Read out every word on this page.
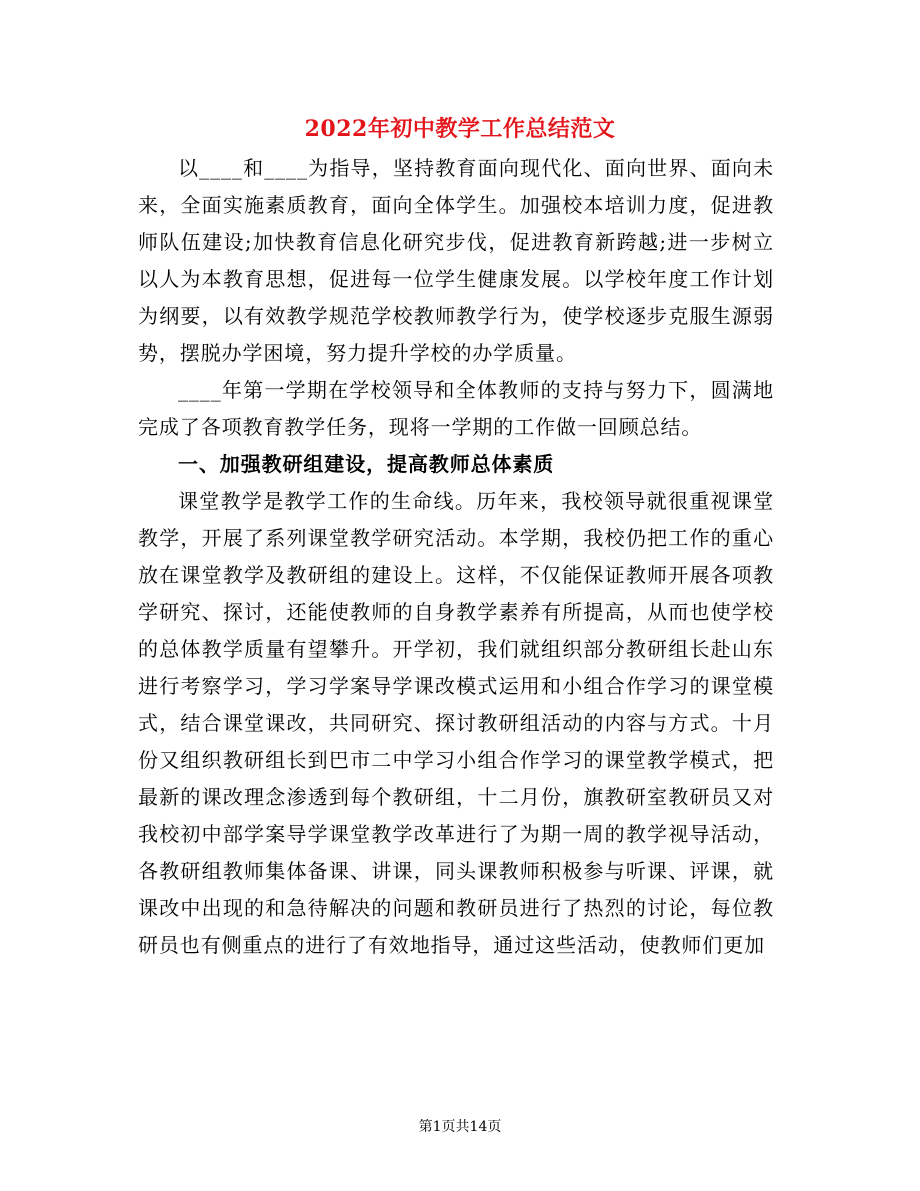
2022年初中教学工作总结范文

以____和____为指导，坚持教育面向现代化、面向世界、面向未来，全面实施素质教育，面向全体学生。加强校本培训力度，促进教师队伍建设;加快教育信息化研究步伐，促进教育新跨越;进一步树立以人为本教育思想，促进每一位学生健康发展。以学校年度工作计划为纲要，以有效教学规范学校教师教学行为，使学校逐步克服生源弱势，摆脱办学困境，努力提升学校的办学质量。

____年第一学期在学校领导和全体教师的支持与努力下，圆满地完成了各项教育教学任务，现将一学期的工作做一回顾总结。

一、加强教研组建设，提高教师总体素质

课堂教学是教学工作的生命线。历年来，我校领导就很重视课堂教学，开展了系列课堂教学研究活动。本学期，我校仍把工作的重心放在课堂教学及教研组的建设上。这样，不仅能保证教师开展各项教学研究、探讨，还能使教师的自身教学素养有所提高，从而也使学校的总体教学质量有望攀升。开学初，我们就组织部分教研组长赴山东进行考察学习，学习学案导学课改模式运用和小组合作学习的课堂模式，结合课堂课改，共同研究、探讨教研组活动的内容与方式。十月份又组织教研组长到巴市二中学习小组合作学习的课堂教学模式，把最新的课改理念渗透到每个教研组，十二月份，旗教研室教研员又对我校初中部学案导学课堂教学改革进行了为期一周的教学视导活动，各教研组教师集体备课、讲课，同头课教师积极参与听课、评课，就课改中出现的和急待解决的问题和教研员进行了热烈的讨论，每位教研员也有侧重点的进行了有效地指导，通过这些活动，使教师们更加

第1页共14页
